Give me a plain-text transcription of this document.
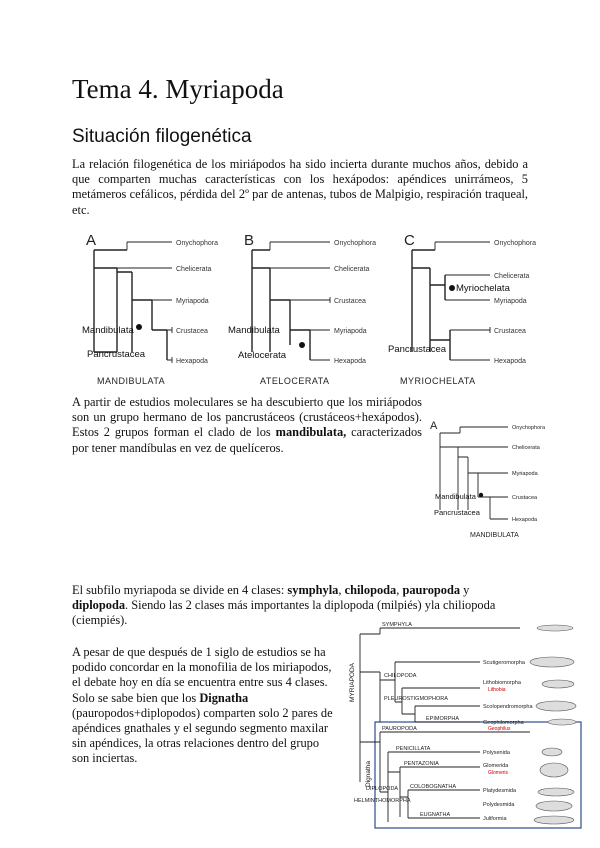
Tema 4. Myriapoda
Situación filogenética
La relación filogenética de los miriápodos ha sido incierta durante muchos años, debido a que comparten muchas características con los hexápodos: apéndices unirrámeos, 5 metámeros cefálicos, pérdida del 2º par de antenas, tubos de Malpigio, respiración traqueal, etc.
A	Onychophora
Chelicerata
Myriapoda
Crustacea
Hexapoda
Mandibulata
Pancrustacea
MANDIBULATA
B	Onychophora
Chelicerata
Crustacea
Myriapoda
Hexapoda
Mandibulata
Atelocerata
ATELOCERATA
C	Onychophora
Chelicerata
Myriapoda
Crustacea
Hexapoda
Myriochelata
Pancrustacea
MYRIOCHELATA
A partir de estudios moleculares se ha descubierto que los miriápodos son un grupo hermano de los pancrustáceos (crustáceos+hexápodos). Estos 2 grupos forman el clado de los mandibulata, caracterizados por tener mandíbulas en vez de quelíceros.
A	Onychophora
Chelicerata
Myriapoda
Crustacea
Hexapoda
Mandibulata
Pancrustacea
MANDIBULATA
El subfilo myriapoda se divide en 4 clases: symphyla, chilopoda, pauropoda y diplopoda. Siendo las 2 clases más importantes la diplopoda (milpiés) yla chiliopoda (ciempiés).
A pesar de que después de 1 siglo de estudios se ha podido concordar en la monofilia de los miriapodos, el debate hoy en día se encuentra entre sus 4 clases. Solo se sabe bien que los Dignatha (pauropodos+diplopodos) comparten solo 2 pares de apéndices gnathales y el segundo segmento maxilar sin apéndices, la otras relaciones dentro del grupo son inciertas.
MYRIAPODA
Dignatha
SYMPHYLA
CHILOPODA
PLEUROSTIGMOPHORA
EPIMORPHA
PAUROPODA
DIPLOPODA
PENICILLATA
PENTAZONIA
COLOBOGNATHA
HELMINTHOMORPHA
EUGNATHA
Scutigeromorpha
Lithobiomorpha
Lithobia
Scolopendromorpha
Geophilomorpha
Geophilus
Polyxenida
Glomerida
Glomeris
Platydesmida
Polydesmida
Juliformia
